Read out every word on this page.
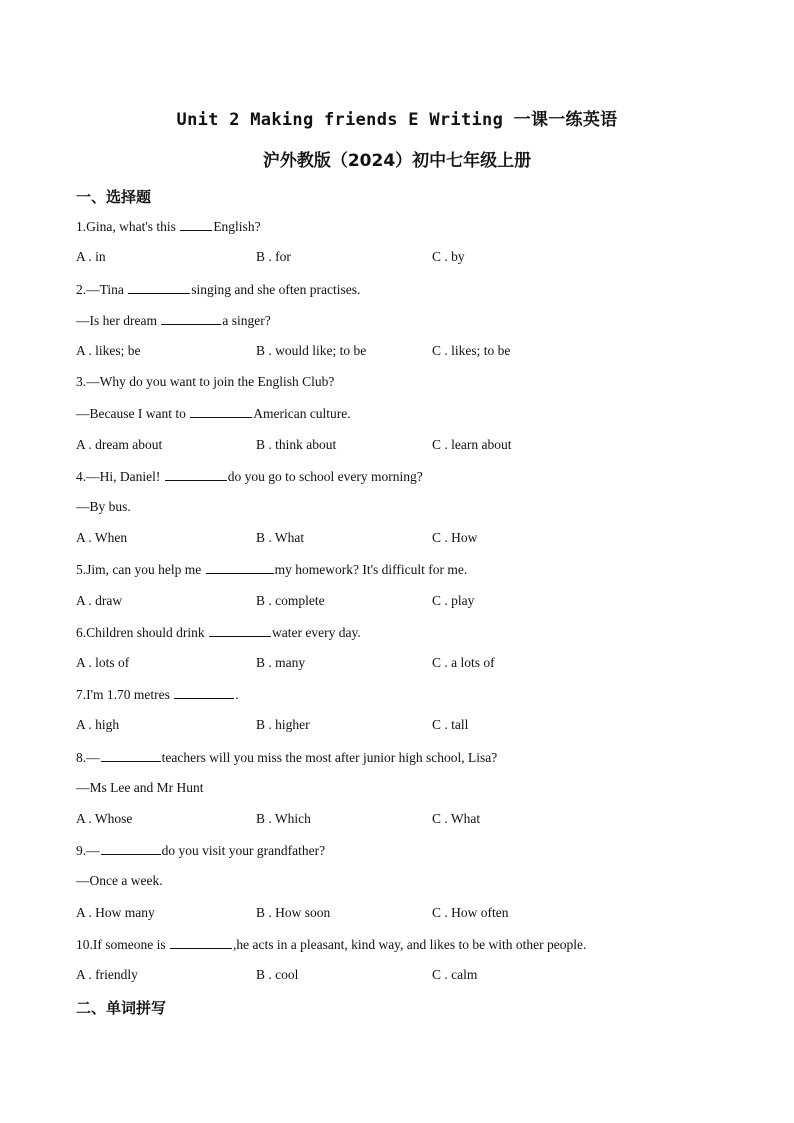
Unit 2 Making friends E Writing 一课一练英语
沪外教版（2024）初中七年级上册
一、选择题
1.Gina, what's this	English?
A . in	B . for	C . by
2.—Tina	singing and she often practises.
—Is her dream	a singer?
A . likes; be	B . would like; to be	C . likes; to be
3.—Why do you want to join the English Club?
—Because I want to	American culture.
A . dream about	B . think about	C . learn about
4.—Hi, Daniel!	do you go to school every morning?
—By bus.
A . When	B . What	C . How
5.Jim, can you help me	my homework? It's difficult for me.
A . draw	B . complete	C . play
6.Children should drink	water every day.
A . lots of	B . many	C . a lots of
7.I'm 1.70 metres	.
A . high	B . higher	C . tall
8.—	teachers will you miss the most after junior high school, Lisa?
—Ms Lee and Mr Hunt
A . Whose	B . Which	C . What
9.—	do you visit your grandfather?
—Once a week.
A . How many	B . How soon	C . How often
10.If someone is	,he acts in a pleasant, kind way, and likes to be with other people.
A . friendly	B . cool	C . calm
二、单词拼写
